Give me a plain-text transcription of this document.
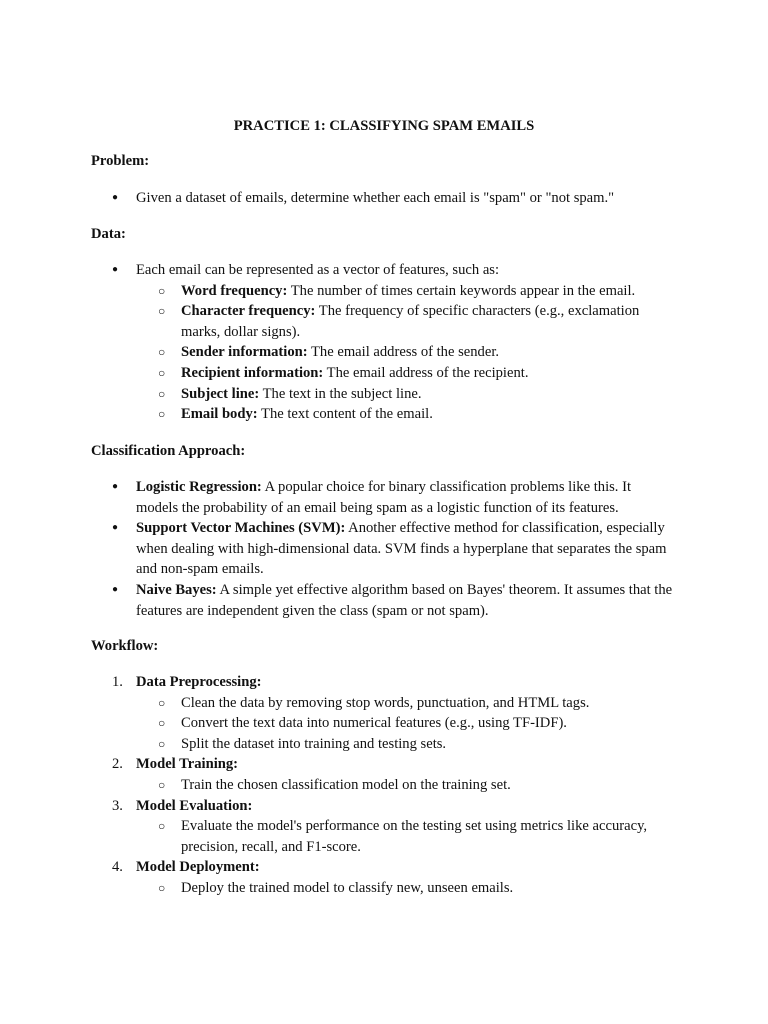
PRACTICE 1: CLASSIFYING SPAM EMAILS
Problem:
● Given a dataset of emails, determine whether each email is "spam" or "not spam."
Data:
● Each email can be represented as a vector of features, such as:
○ Word frequency: The number of times certain keywords appear in the email.
○ Character frequency: The frequency of specific characters (e.g., exclamation marks, dollar signs).
○ Sender information: The email address of the sender.
○ Recipient information: The email address of the recipient.
○ Subject line: The text in the subject line.
○ Email body: The text content of the email.
Classification Approach:
● Logistic Regression: A popular choice for binary classification problems like this. It models the probability of an email being spam as a logistic function of its features.
● Support Vector Machines (SVM): Another effective method for classification, especially when dealing with high-dimensional data. SVM finds a hyperplane that separates the spam and non-spam emails.
● Naive Bayes: A simple yet effective algorithm based on Bayes' theorem. It assumes that the features are independent given the class (spam or not spam).
Workflow:
1. Data Preprocessing:
○ Clean the data by removing stop words, punctuation, and HTML tags.
○ Convert the text data into numerical features (e.g., using TF-IDF).
○ Split the dataset into training and testing sets.
2. Model Training:
○ Train the chosen classification model on the training set.
3. Model Evaluation:
○ Evaluate the model's performance on the testing set using metrics like accuracy, precision, recall, and F1-score.
4. Model Deployment:
○ Deploy the trained model to classify new, unseen emails.
